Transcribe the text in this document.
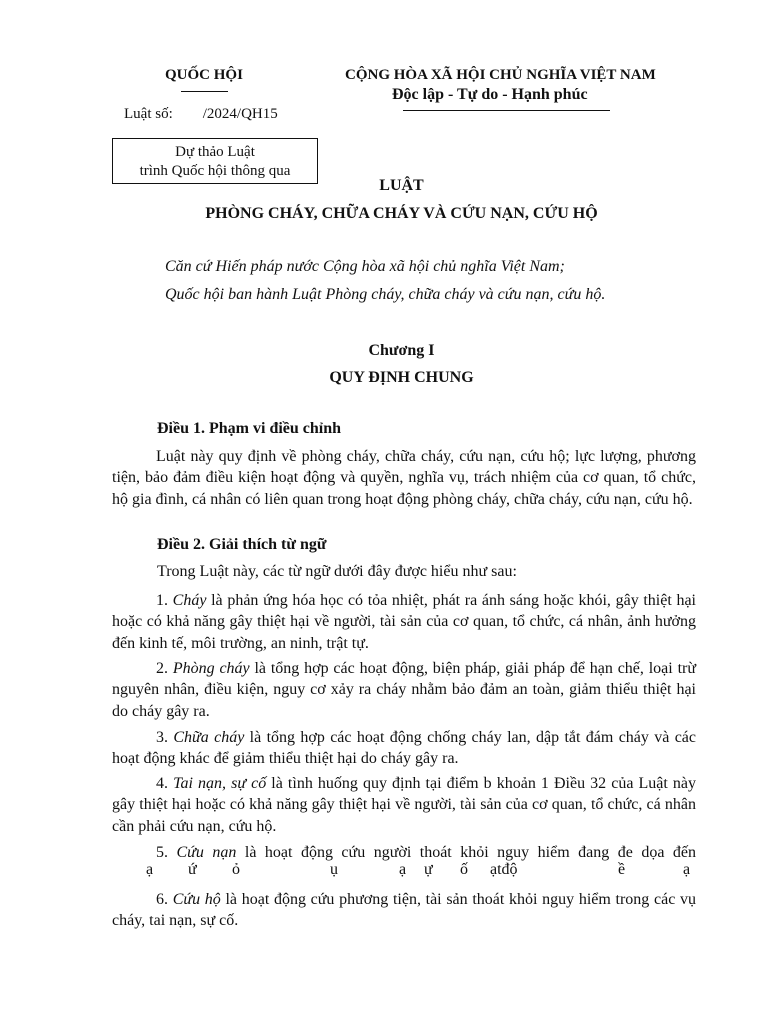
QUỐC HỘI
Luật số:        /2024/QH15
CỘNG HÒA XÃ HỘI CHỦ NGHĨA VIỆT NAM
Độc lập - Tự do - Hạnh phúc
Dự thảo Luật
trình Quốc hội thông qua
LUẬT
PHÒNG CHÁY, CHỮA CHÁY VÀ CỨU NẠN, CỨU HỘ
Căn cứ Hiến pháp nước Cộng hòa xã hội chủ nghĩa Việt Nam;
Quốc hội ban hành Luật Phòng cháy, chữa cháy và cứu nạn, cứu hộ.
Chương I
QUY ĐỊNH CHUNG
Điều 1. Phạm vi điều chỉnh
Luật này quy định về phòng cháy, chữa cháy, cứu nạn, cứu hộ; lực lượng, phương tiện, bảo đảm điều kiện hoạt động và quyền, nghĩa vụ, trách nhiệm của cơ quan, tổ chức, hộ gia đình, cá nhân có liên quan trong hoạt động phòng cháy, chữa cháy, cứu nạn, cứu hộ.
Điều 2. Giải thích từ ngữ
Trong Luật này, các từ ngữ dưới đây được hiểu như sau:
1. Cháy là phản ứng hóa học có tỏa nhiệt, phát ra ánh sáng hoặc khói, gây thiệt hại hoặc có khả năng gây thiệt hại về người, tài sản của cơ quan, tổ chức, cá nhân, ảnh hưởng đến kinh tế, môi trường, an ninh, trật tự.
2. Phòng cháy là tổng hợp các hoạt động, biện pháp, giải pháp để hạn chế, loại trừ nguyên nhân, điều kiện, nguy cơ xảy ra cháy nhằm bảo đảm an toàn, giảm thiểu thiệt hại do cháy gây ra.
3. Chữa cháy là tổng hợp các hoạt động chống cháy lan, dập tắt đám cháy và các hoạt động khác để giảm thiểu thiệt hại do cháy gây ra.
4. Tai nạn, sự cố là tình huống quy định tại điểm b khoản 1 Điều 32 của Luật này gây thiệt hại hoặc có khả năng gây thiệt hại về người, tài sản của cơ quan, tổ chức, cá nhân cần phải cứu nạn, cứu hộ.
5. Cứu nạn là hoạt động cứu người thoát khỏi nguy hiểm đang đe dọa đến
ạ ứ ỏ	ụ	ạ ự ố ạtđộ	ề	ạ
6. Cứu hộ là hoạt động cứu phương tiện, tài sản thoát khỏi nguy hiểm trong các vụ cháy, tai nạn, sự cố.
